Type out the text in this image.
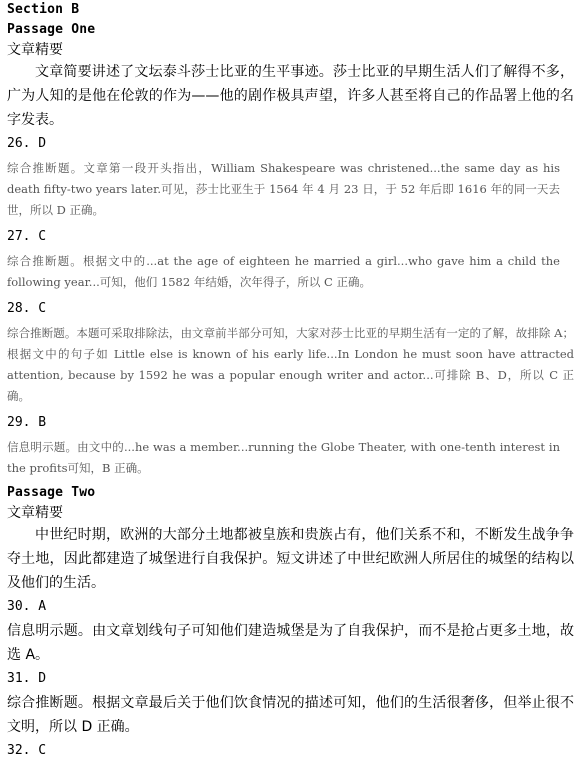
Section B

Passage One

文章精要

文章简要讲述了文坛泰斗莎士比亚的生平事迹。莎士比亚的早期生活人们了解得不多，广为人知的是他在伦敦的作为——他的剧作极具声望，许多人甚至将自己的作品署上他的名字发表。

26. D

综合推断题。文章第一段开头指出，William Shakespeare was christened...the same day as his death fifty-two years later.可见，莎士比亚生于 1564 年 4 月 23 日，于 52 年后即 1616 年的同一天去世，所以 D 正确。

27. C

综合推断题。根据文中的...at the age of eighteen he married a girl...who gave him a child the following year...可知，他们 1582 年结婚，次年得子，所以 C 正确。

28. C

综合推断题。本题可采取排除法，由文章前半部分可知，大家对莎士比亚的早期生活有一定的了解，故排除 A；根据文中的句子如 Little else is known of his early life...In London he must soon have attracted attention, because by 1592 he was a popular enough writer and actor...可排除 B、D，所以 C 正确。

29. B

信息明示题。由文中的...he was a member...running the Globe Theater, with one-tenth interest in the profits可知，B 正确。

Passage Two

文章精要

中世纪时期，欧洲的大部分土地都被皇族和贵族占有，他们关系不和，不断发生战争争夺土地，因此都建造了城堡进行自我保护。短文讲述了中世纪欧洲人所居住的城堡的结构以及他们的生活。

30. A

信息明示题。由文章划线句子可知他们建造城堡是为了自我保护，而不是抢占更多土地，故选 A。

31. D

综合推断题。根据文章最后关于他们饮食情况的描述可知，他们的生活很奢侈，但举止很不文明，所以 D 正确。

32. C
